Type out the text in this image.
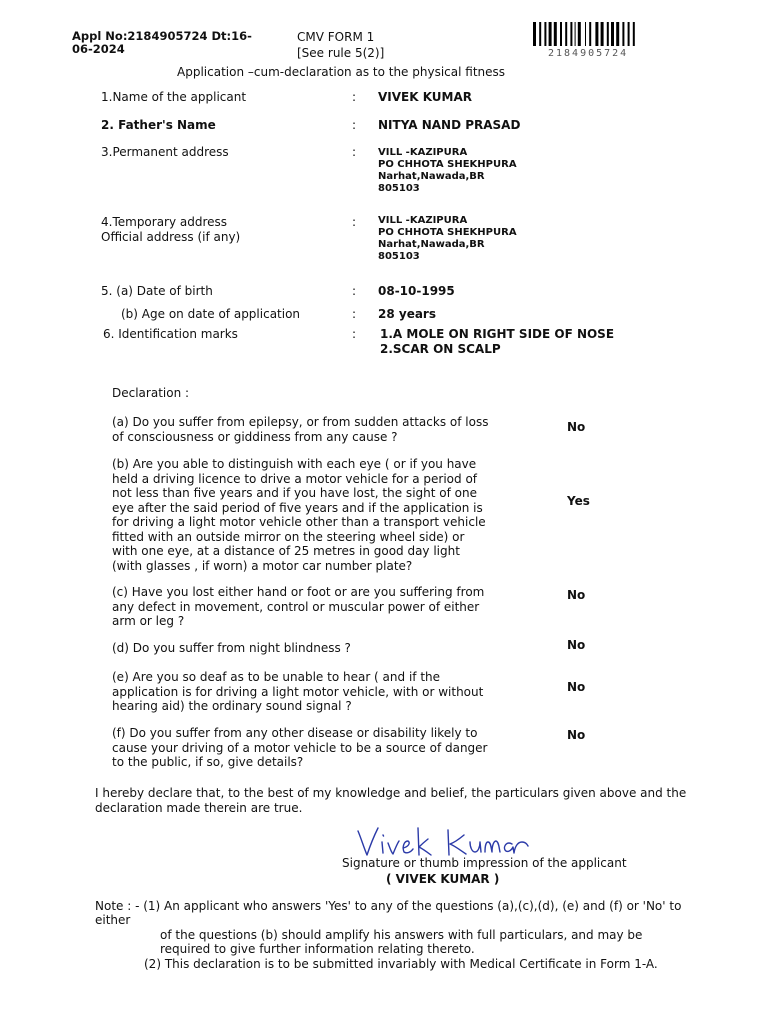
Appl No:2184905724 Dt:16-06-2024
CMV FORM 1
[See rule 5(2)]
Application –cum-declaration as to the physical fitness
2184905724
1.Name of the applicant	: VIVEK KUMAR
2. Father's Name	: NITYA NAND PRASAD
3.Permanent address	: VILL -KAZIPURA
PO CHHOTA SHEKHPURA
Narhat,Nawada,BR
805103
4.Temporary address
Official address (if any)
: VILL -KAZIPURA
PO CHHOTA SHEKHPURA
Narhat,Nawada,BR
805103
5. (a) Date of birth	: 08-10-1995
(b) Age on date of application	: 28 years
6. Identification marks	: 1.A MOLE ON RIGHT SIDE OF NOSE
2.SCAR ON SCALP
Declaration :
(a) Do you suffer from epilepsy, or from sudden attacks of loss of consciousness or giddiness from any cause ?
No
(b) Are you able to distinguish with each eye ( or if you have held a driving licence to drive a motor vehicle for a period of not less than five years and if you have lost, the sight of one eye after the said period of five years and if the application is for driving a light motor vehicle other than a transport vehicle fitted with an outside mirror on the steering wheel side) or with one eye, at a distance of 25 metres in good day light (with glasses , if worn) a motor car number plate?
Yes
(c) Have you lost either hand or foot or are you suffering from any defect in movement, control or muscular power of either arm or leg ?
No
(d) Do you suffer from night blindness ?	No
(e) Are you so deaf as to be unable to hear ( and if the application is for driving a light motor vehicle, with or without hearing aid) the ordinary sound signal ?
No
(f) Do you suffer from any other disease or disability likely to cause your driving of a motor vehicle to be a source of danger to the public, if so, give details?
No
I hereby declare that, to the best of my knowledge and belief, the particulars given above and the declaration made therein are true.
Signature or thumb impression of the applicant
( VIVEK KUMAR )
Note : - (1) An applicant who answers 'Yes' to any of the questions (a),(c),(d), (e) and (f) or 'No' to either
of the questions (b) should amplify his answers with full particulars, and may be required to give further information relating thereto.
(2) This declaration is to be submitted invariably with Medical Certificate in Form 1-A.
